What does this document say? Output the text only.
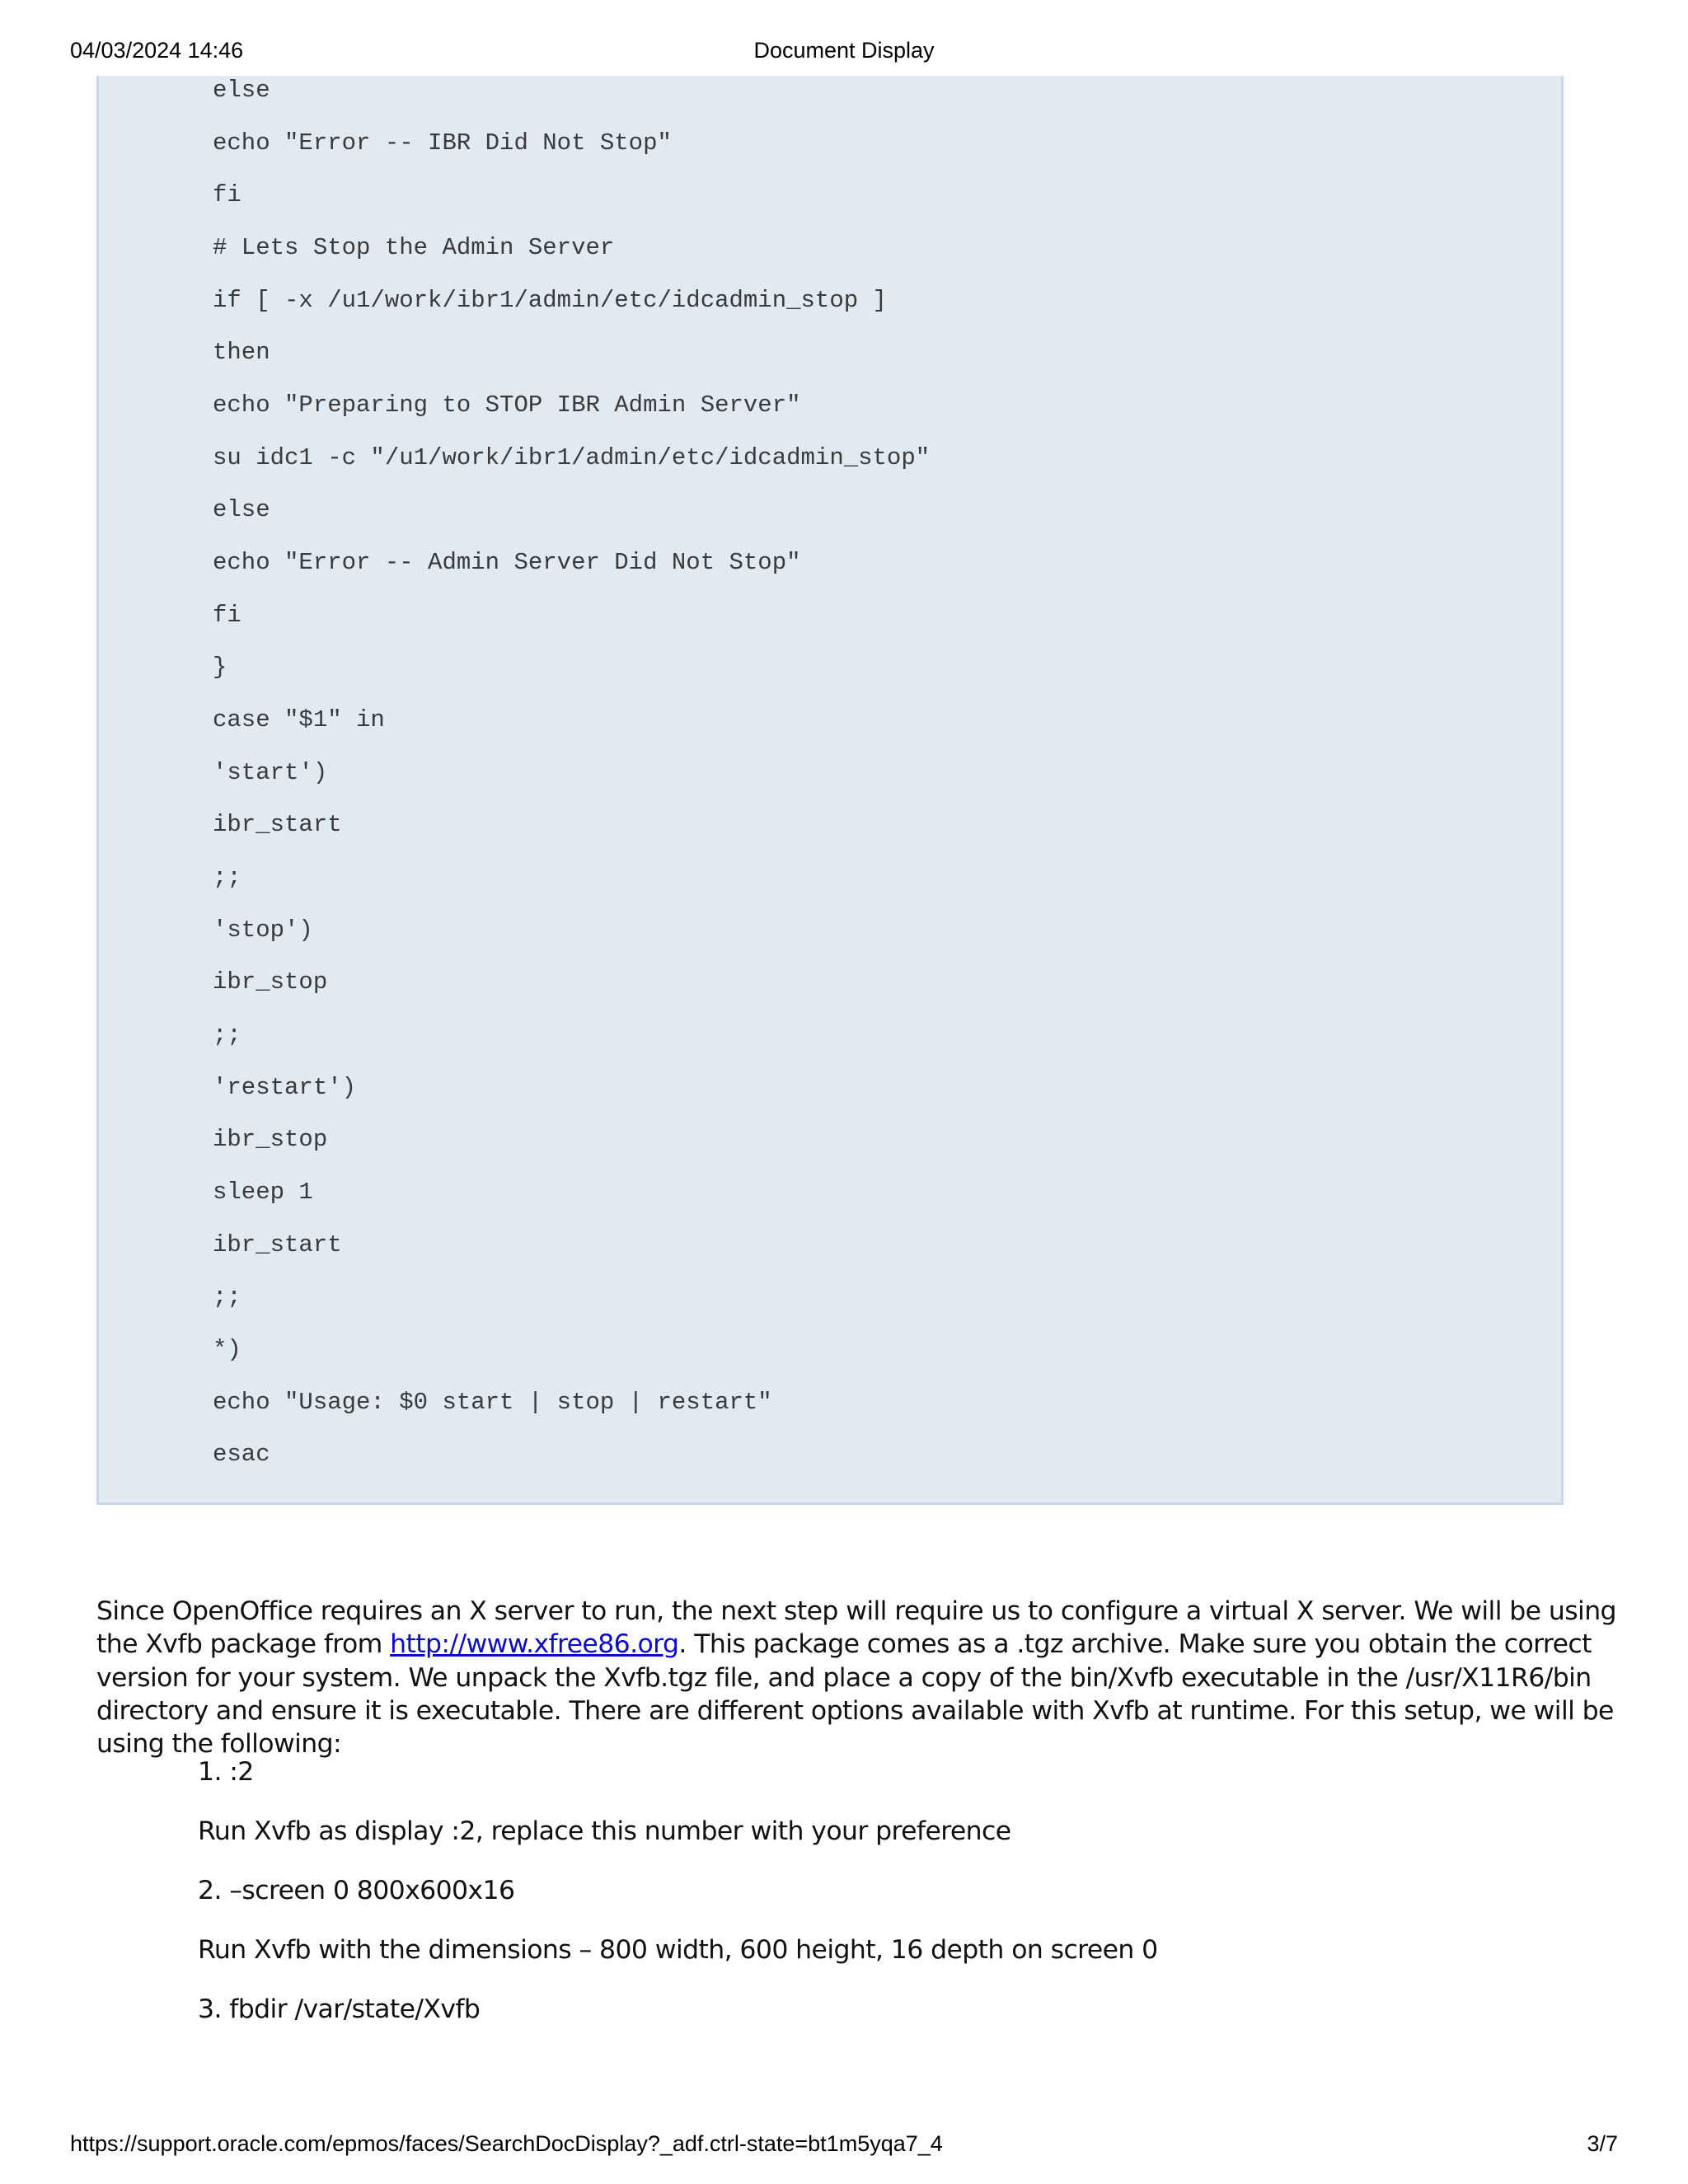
04/03/2024 14:46	Document Display
else
echo "Error -- IBR Did Not Stop"
fi
# Lets Stop the Admin Server
if [ -x /u1/work/ibr1/admin/etc/idcadmin_stop ]
then
echo "Preparing to STOP IBR Admin Server"
su idc1 -c "/u1/work/ibr1/admin/etc/idcadmin_stop"
else
echo "Error -- Admin Server Did Not Stop"
fi
}
case "$1" in
'start')
ibr_start
;;
'stop')
ibr_stop
;;
'restart')
ibr_stop
sleep 1
ibr_start
;;
*)
echo "Usage: $0 start | stop | restart"
esac
Since OpenOffice requires an X server to run, the next step will require us to configure a virtual X server. We will be using the Xvfb package from http://www.xfree86.org. This package comes as a .tgz archive. Make sure you obtain the correct version for your system. We unpack the Xvfb.tgz file, and place a copy of the bin/Xvfb executable in the /usr/X11R6/bin directory and ensure it is executable. There are different options available with Xvfb at runtime. For this setup, we will be using the following:
1. :2
Run Xvfb as display :2, replace this number with your preference
2. –screen 0 800x600x16
Run Xvfb with the dimensions – 800 width, 600 height, 16 depth on screen 0
3. fbdir /var/state/Xvfb
https://support.oracle.com/epmos/faces/SearchDocDisplay?_adf.ctrl-state=bt1m5yqa7_4	3/7
